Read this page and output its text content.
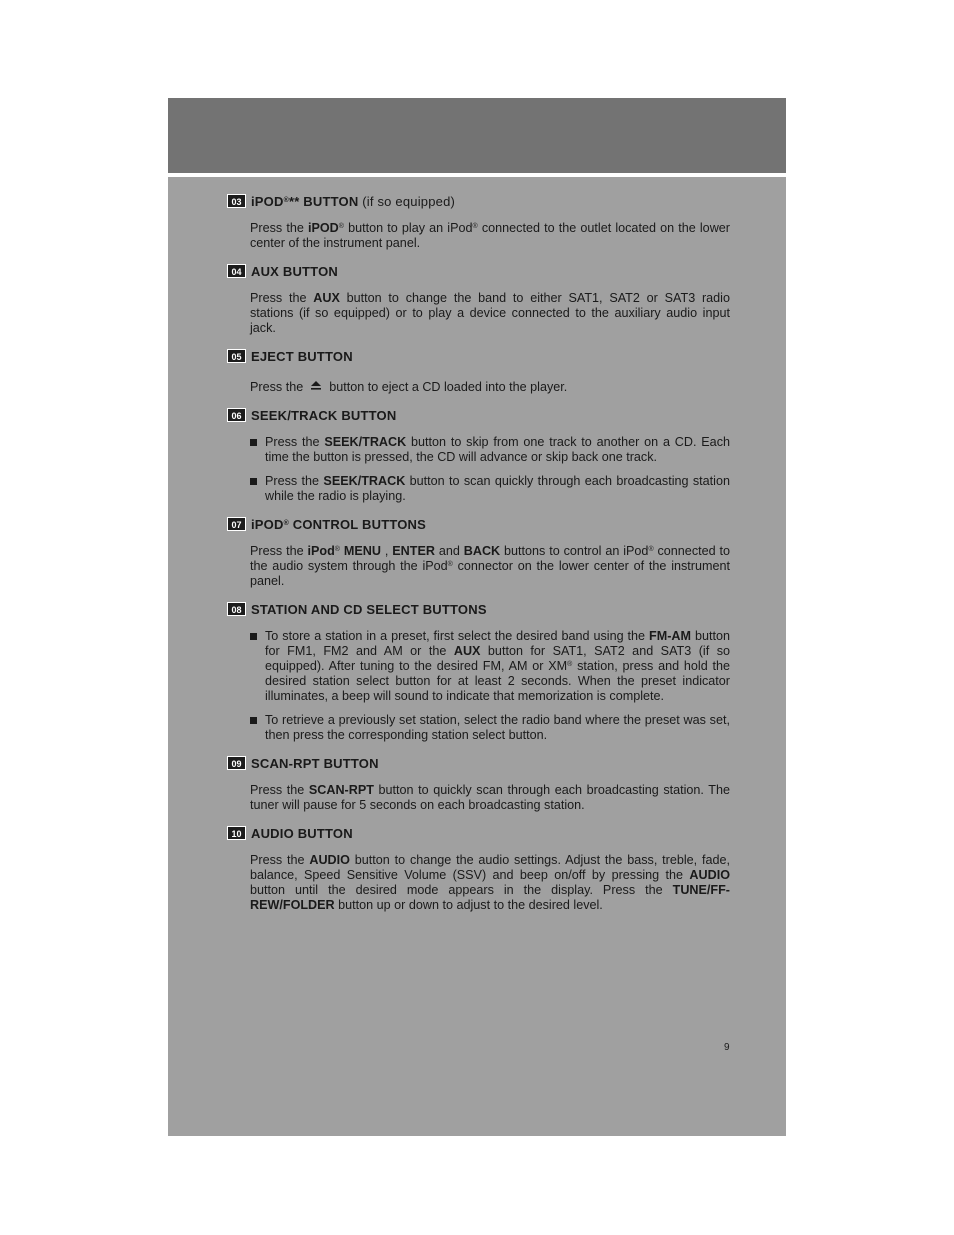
03 iPOD®** BUTTON (if so equipped)

Press the iPOD® button to play an iPod® connected to the outlet located on the lower center of the instrument panel.

04 AUX BUTTON

Press the AUX button to change the band to either SAT1, SAT2 or SAT3 radio stations (if so equipped) or to play a device connected to the auxiliary audio input jack.

05 EJECT BUTTON

Press the button to eject a CD loaded into the player.

06 SEEK/TRACK BUTTON
Press the SEEK/TRACK button to skip from one track to another on a CD. Each time the button is pressed, the CD will advance or skip back one track.
Press the SEEK/TRACK button to scan quickly through each broadcasting station while the radio is playing.
07 iPOD® CONTROL BUTTONS

Press the iPod® MENU , ENTER and BACK buttons to control an iPod® connected to the audio system through the iPod® connector on the lower center of the instrument panel.

08 STATION AND CD SELECT BUTTONS
To store a station in a preset, first select the desired band using the FM-AM button for FM1, FM2 and AM or the AUX button for SAT1, SAT2 and SAT3 (if so equipped). After tuning to the desired FM, AM or XM® station, press and hold the desired station select button for at least 2 seconds. When the preset indicator illuminates, a beep will sound to indicate that memorization is complete.
To retrieve a previously set station, select the radio band where the preset was set, then press the corresponding station select button.
09 SCAN-RPT BUTTON

Press the SCAN-RPT button to quickly scan through each broadcasting station. The tuner will pause for 5 seconds on each broadcasting station.

10 AUDIO BUTTON

Press the AUDIO button to change the audio settings. Adjust the bass, treble, fade, balance, Speed Sensitive Volume (SSV) and beep on/off by pressing the AUDIO button until the desired mode appears in the display. Press the TUNE/FF-REW/FOLDER button up or down to adjust to the desired level.

9
